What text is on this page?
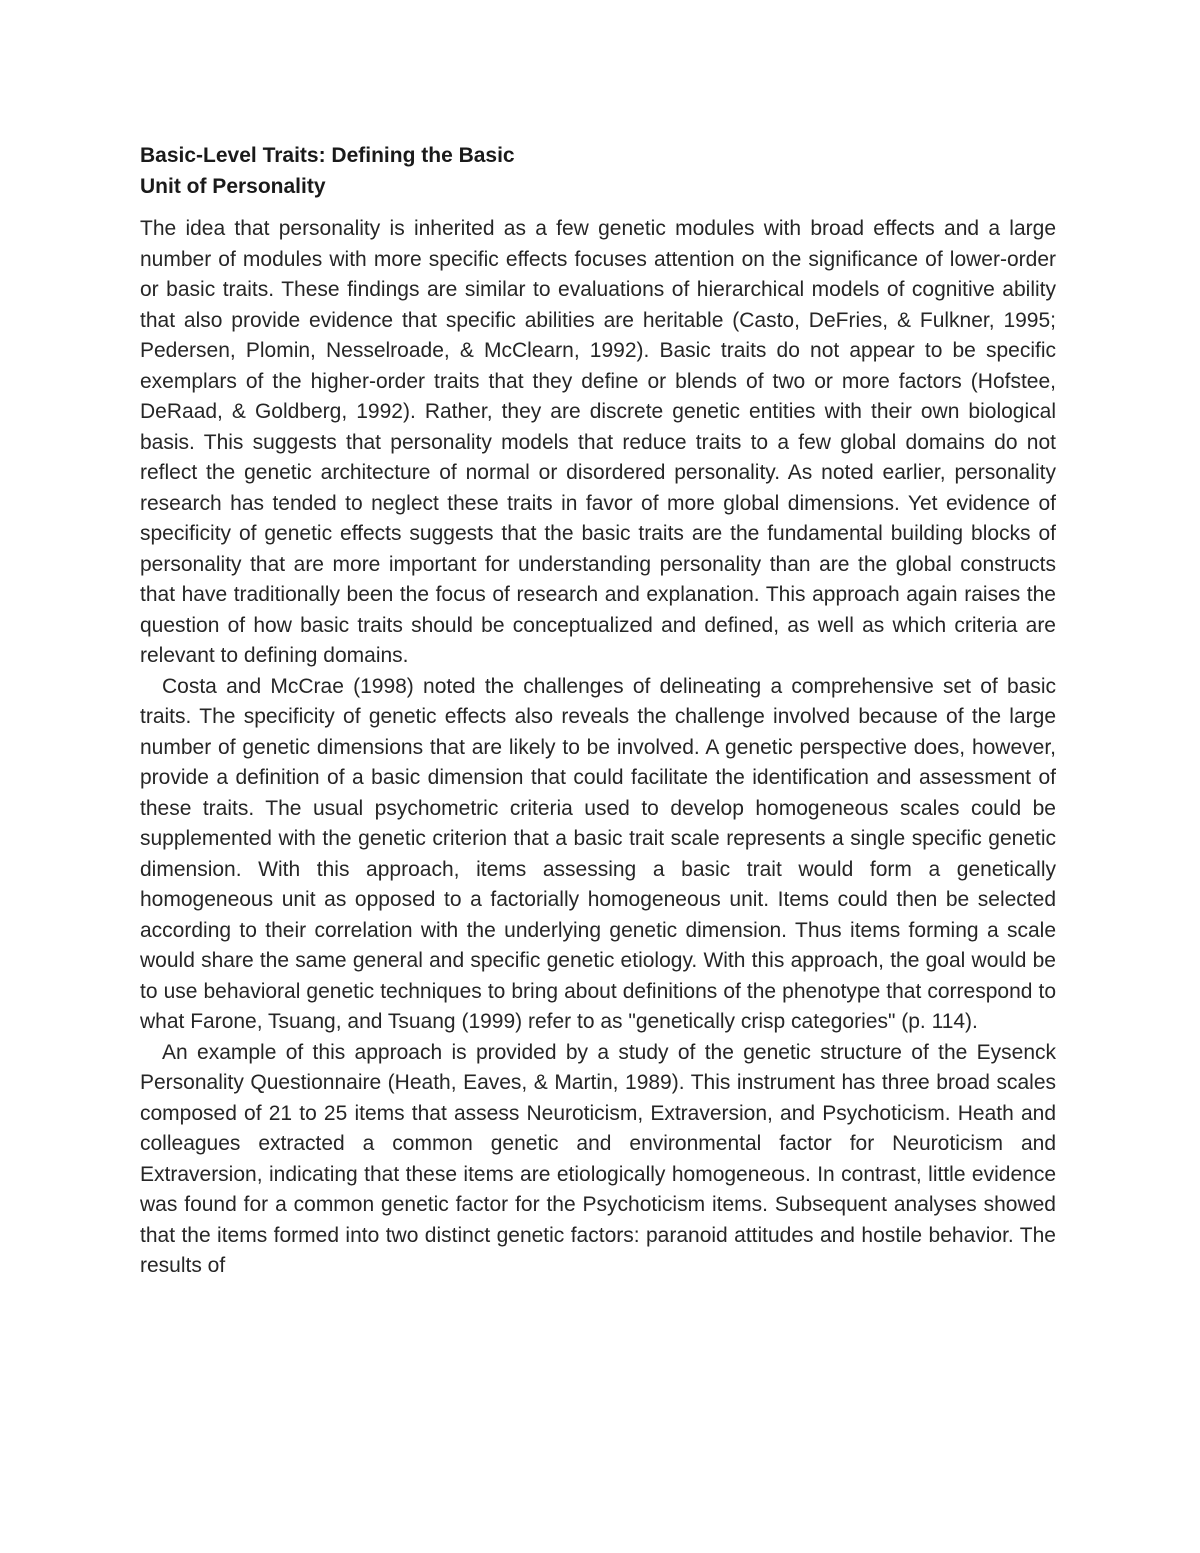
Basic-Level Traits: Defining the Basic
Unit of Personality

The idea that personality is inherited as a few genetic modules with broad effects and a large number of modules with more specific effects focuses attention on the significance of lower-order or basic traits. These findings are similar to evaluations of hierarchical models of cognitive ability that also provide evidence that specific abilities are heritable (Casto, DeFries, & Fulkner, 1995; Pedersen, Plomin, Nesselroade, & McClearn, 1992). Basic traits do not appear to be specific exemplars of the higher-order traits that they define or blends of two or more factors (Hofstee, DeRaad, & Goldberg, 1992). Rather, they are discrete genetic entities with their own biological basis. This suggests that personality models that reduce traits to a few global domains do not reflect the genetic architecture of normal or disordered personality. As noted earlier, personality research has tended to neglect these traits in favor of more global dimensions. Yet evidence of specificity of genetic effects suggests that the basic traits are the fundamental building blocks of personality that are more important for understanding personality than are the global constructs that have traditionally been the focus of research and explanation. This approach again raises the question of how basic traits should be conceptualized and defined, as well as which criteria are relevant to defining domains.

Costa and McCrae (1998) noted the challenges of delineating a comprehensive set of basic traits. The specificity of genetic effects also reveals the challenge involved because of the large number of genetic dimensions that are likely to be involved. A genetic perspective does, however, provide a definition of a basic dimension that could facilitate the identification and assessment of these traits. The usual psychometric criteria used to develop homogeneous scales could be supplemented with the genetic criterion that a basic trait scale represents a single specific genetic dimension. With this approach, items assessing a basic trait would form a genetically homogeneous unit as opposed to a factorially homogeneous unit. Items could then be selected according to their correlation with the underlying genetic dimension. Thus items forming a scale would share the same general and specific genetic etiology. With this approach, the goal would be to use behavioral genetic techniques to bring about definitions of the phenotype that correspond to what Farone, Tsuang, and Tsuang (1999) refer to as "genetically crisp categories" (p. 114).

An example of this approach is provided by a study of the genetic structure of the Eysenck Personality Questionnaire (Heath, Eaves, & Martin, 1989). This instrument has three broad scales composed of 21 to 25 items that assess Neuroticism, Extraversion, and Psychoticism. Heath and colleagues extracted a common genetic and environmental factor for Neuroticism and Extraversion, indicating that these items are etiologically homogeneous. In contrast, little evidence was found for a common genetic factor for the Psychoticism items. Subsequent analyses showed that the items formed into two distinct genetic factors: paranoid attitudes and hostile behavior. The results of
